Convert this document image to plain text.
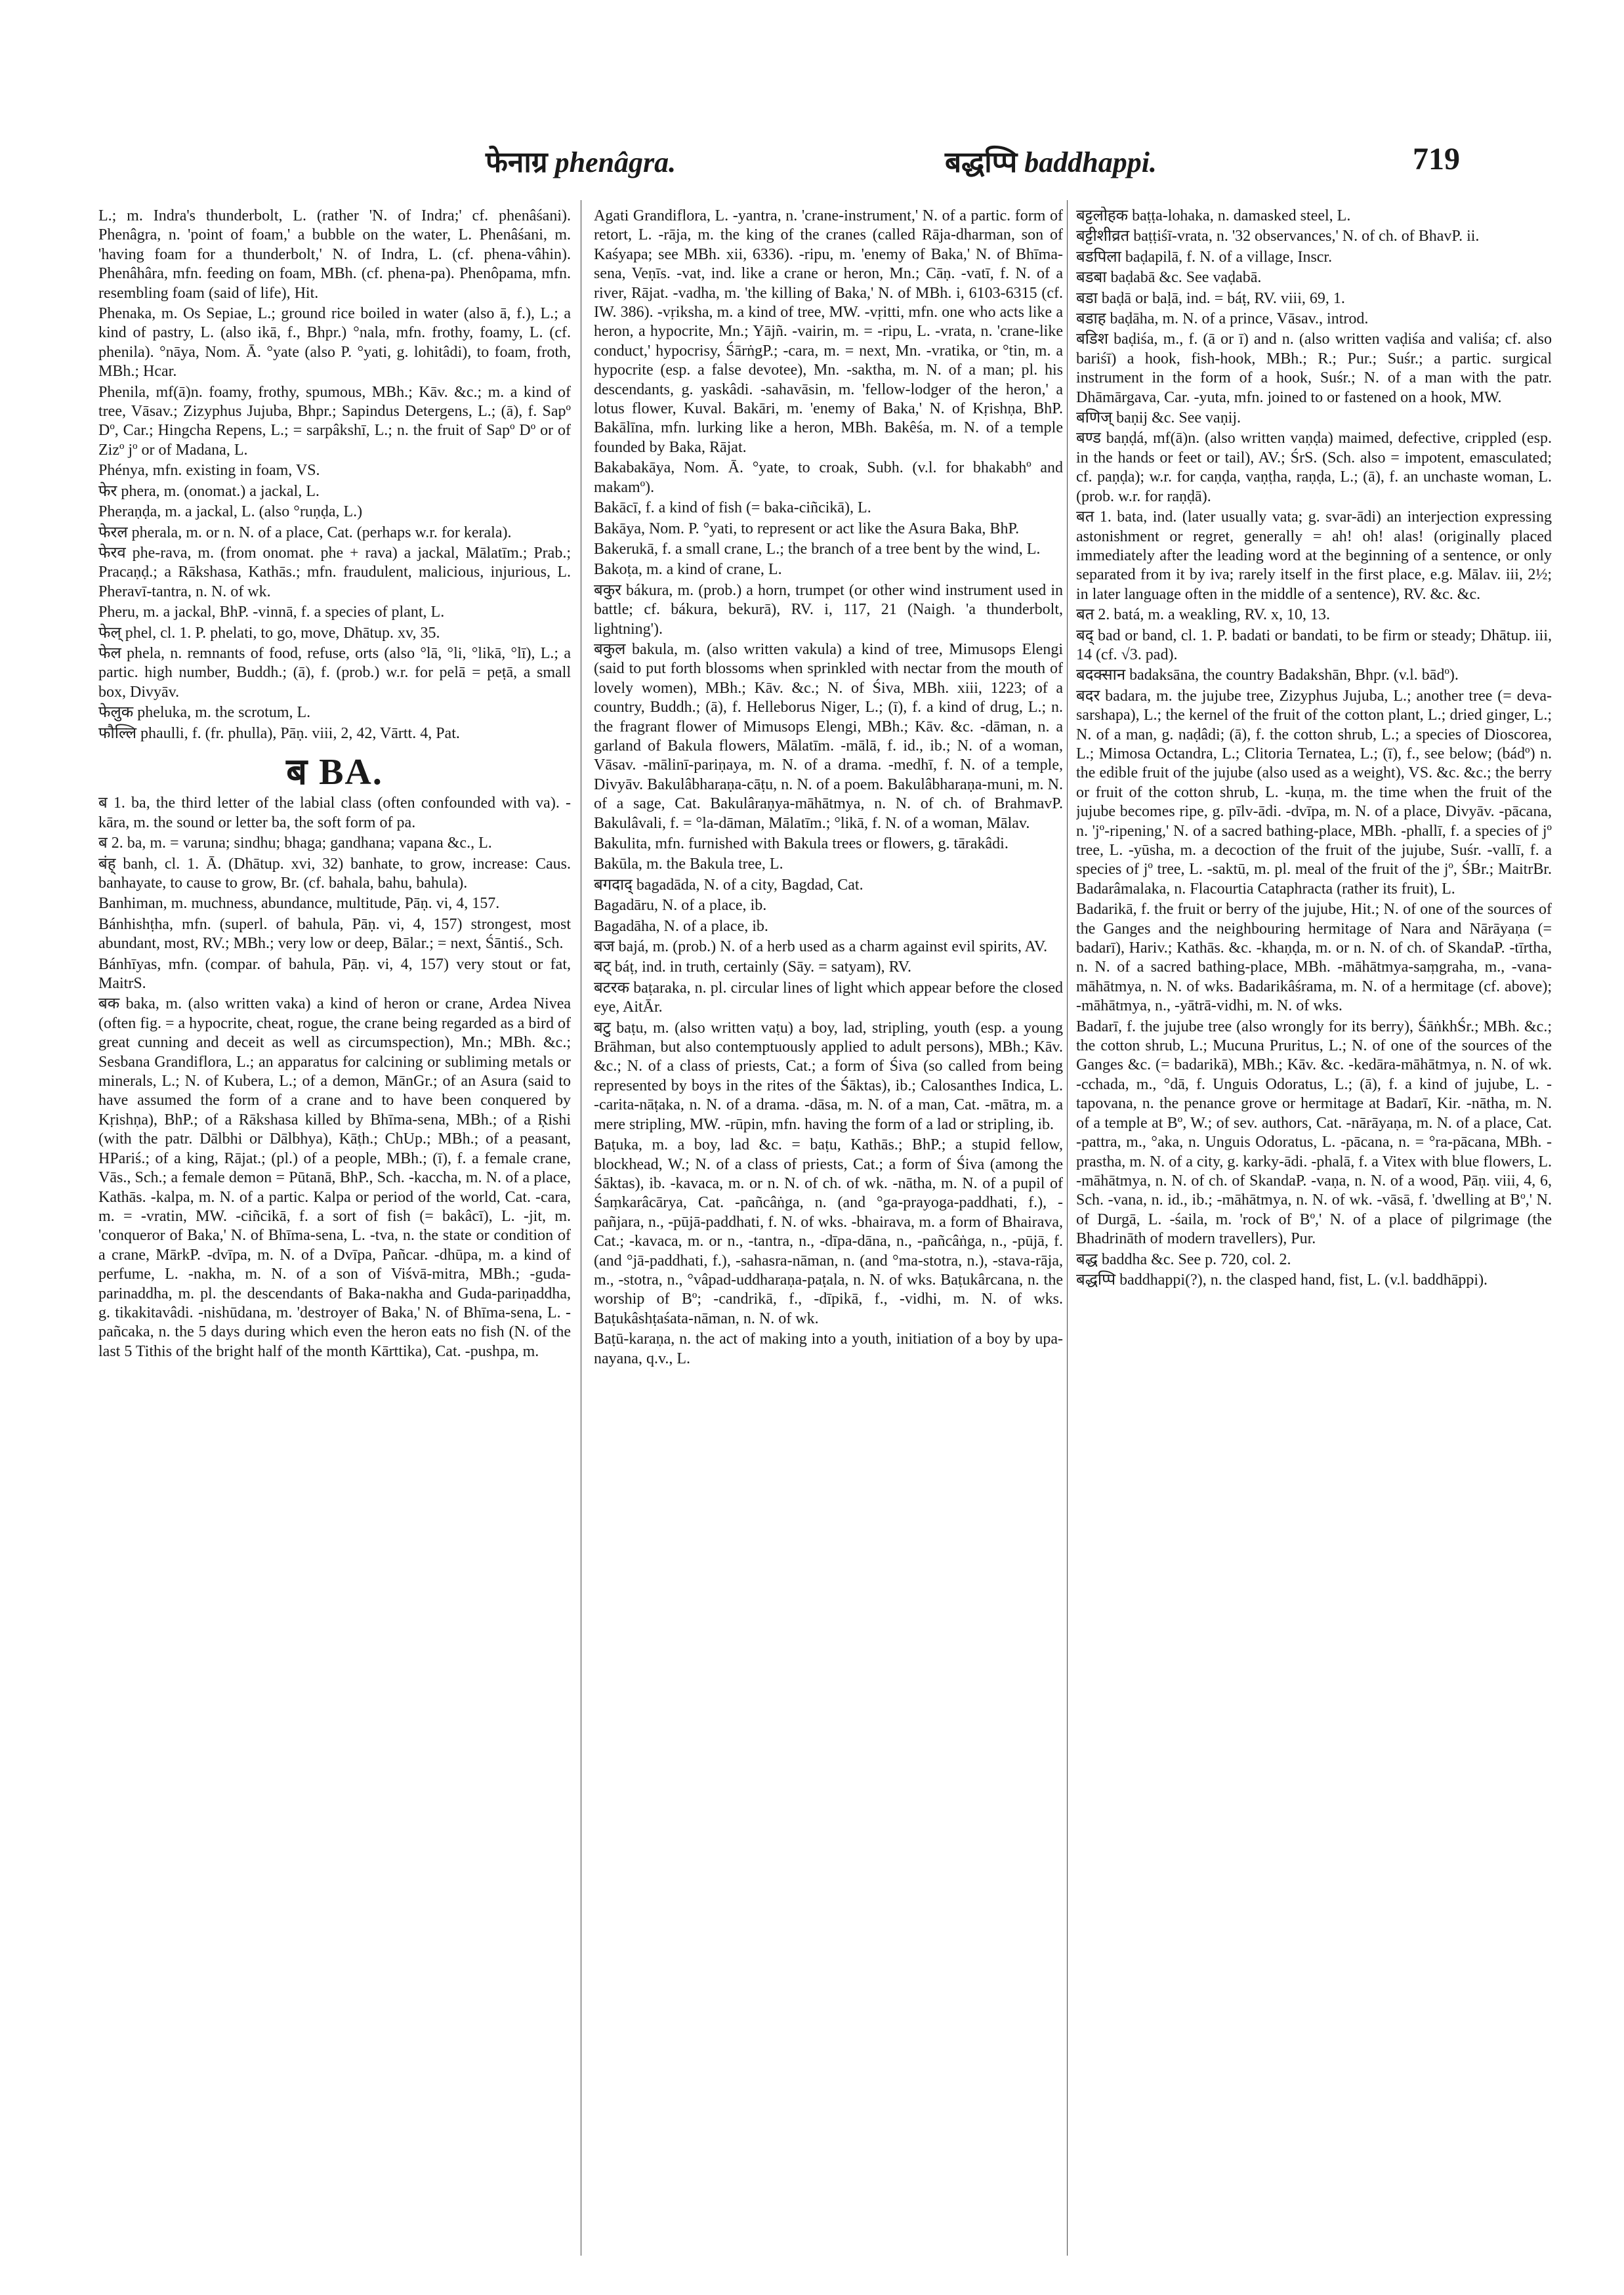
फेनाग्र phenâgra.	बद्धप्पि baddhappi.	719

L.; m. Indra's thunderbolt, L. (rather 'N. of Indra;' cf. phenâśani). Phenâgra, n. 'point of foam,' a bubble on the water, L. Phenâśani, m. 'having foam for a thunderbolt,' N. of Indra, L. (cf. phena-vâhin). Phenâhâra, mfn. feeding on foam, MBh. (cf. phena-pa). Phenôpama, mfn. resembling foam (said of life), Hit.

Phenaka, m. Os Sepiae, L.; ground rice boiled in water (also ā, f.), L.; a kind of pastry, L. (also ikā, f., Bhpr.) °nala, mfn. frothy, foamy, L. (cf. phenila). °nāya, Nom. Ā. °yate (also P. °yati, g. lohitâdi), to foam, froth, MBh.; Hcar.

Phenila, mf(ā)n. foamy, frothy, spumous, MBh.; Kāv. &c.; m. a kind of tree, Vāsav.; Zizyphus Jujuba, Bhpr.; Sapindus Detergens, L.; (ā), f. Sapº Dº, Car.; Hingcha Repens, L.; = sarpâkshī, L.; n. the fruit of Sapº Dº or of Zizº jº or of Madana, L.

Phénya, mfn. existing in foam, VS.

फेर phera, m. (onomat.) a jackal, L.

Pheraṇḍa, m. a jackal, L. (also °ruṇḍa, L.)

फेरल pherala, m. or n. N. of a place, Cat. (perhaps w.r. for kerala).

फेरव phe-rava, m. (from onomat. phe + rava) a jackal, Mālatīm.; Prab.; Pracaṇḍ.; a Rākshasa, Kathās.; mfn. fraudulent, malicious, injurious, L. Pheravī-tantra, n. N. of wk.

Pheru, m. a jackal, BhP. -vinnā, f. a species of plant, L.

फेल् phel, cl. 1. P. phelati, to go, move, Dhātup. xv, 35.

फेल phela, n. remnants of food, refuse, orts (also °lā, °li, °likā, °lī), L.; a partic. high number, Buddh.; (ā), f. (prob.) w.r. for pelā = peṭā, a small box, Divyāv.

फेलुक pheluka, m. the scrotum, L.

फौल्लि phaulli, f. (fr. phulla), Pāṇ. viii, 2, 42, Vārtt. 4, Pat.

ब BA.

ब 1. ba, the third letter of the labial class (often confounded with va). -kāra, m. the sound or letter ba, the soft form of pa.

ब 2. ba, m. = varuna; sindhu; bhaga; gandhana; vapana &c., L.

बंह् banh, cl. 1. Ā. (Dhātup. xvi, 32) banhate, to grow, increase: Caus. banhayate, to cause to grow, Br. (cf. bahala, bahu, bahula).

Banhiman, m. muchness, abundance, multitude, Pāṇ. vi, 4, 157.

Bánhishṭha, mfn. (superl. of bahula, Pāṇ. vi, 4, 157) strongest, most abundant, most, RV.; MBh.; very low or deep, Bālar.; = next, Śāntiś., Sch.

Bánhīyas, mfn. (compar. of bahula, Pāṇ. vi, 4, 157) very stout or fat, MaitrS.

बक baka, m. (also written vaka) a kind of heron or crane, Ardea Nivea (often fig. = a hypocrite, cheat, rogue, the crane being regarded as a bird of great cunning and deceit as well as circumspection), Mn.; MBh. &c.; Sesbana Grandiflora, L.; an apparatus for calcining or subliming metals or minerals, L.; N. of Kubera, L.; of a demon, MānGr.; of an Asura (said to have assumed the form of a crane and to have been conquered by Kṛishṇa), BhP.; of a Rākshasa killed by Bhīma-sena, MBh.; of a Ṛishi (with the patr. Dālbhi or Dālbhya), Kāṭh.; ChUp.; MBh.; of a peasant, HPariś.; of a king, Rājat.; (pl.) of a people, MBh.; (ī), f. a female crane, Vās., Sch.; a female demon = Pūtanā, BhP., Sch. -kaccha, m. N. of a place, Kathās. -kalpa, m. N. of a partic. Kalpa or period of the world, Cat. -cara, m. = -vratin, MW. -ciñcikā, f. a sort of fish (= bakâcī), L. -jit, m. 'conqueror of Baka,' N. of Bhīma-sena, L. -tva, n. the state or condition of a crane, MārkP. -dvīpa, m. N. of a Dvīpa, Pañcar. -dhūpa, m. a kind of perfume, L. -nakha, m. N. of a son of Viśvā-mitra, MBh.; -guda-parinaddha, m. pl. the descendants of Baka-nakha and Guda-pariṇaddha, g. tikakitavâdi. -nishūdana, m. 'destroyer of Baka,' N. of Bhīma-sena, L. -pañcaka, n. the 5 days during which even the heron eats no fish (N. of the last 5 Tithis of the bright half of the month Kārttika), Cat. -pushpa, m.

Agati Grandiflora, L. -yantra, n. 'crane-instrument,' N. of a partic. form of retort, L. -rāja, m. the king of the cranes (called Rāja-dharman, son of Kaśyapa; see MBh. xii, 6336). -ripu, m. 'enemy of Baka,' N. of Bhīma-sena, Veṇīs. -vat, ind. like a crane or heron, Mn.; Cāṇ. -vatī, f. N. of a river, Rājat. -vadha, m. 'the killing of Baka,' N. of MBh. i, 6103-6315 (cf. IW. 386). -vṛiksha, m. a kind of tree, MW. -vṛitti, mfn. one who acts like a heron, a hypocrite, Mn.; Yājñ. -vairin, m. = -ripu, L. -vrata, n. 'crane-like conduct,' hypocrisy, ŚārṅgP.; -cara, m. = next, Mn. -vratika, or °tin, m. a hypocrite (esp. a false devotee), Mn. -saktha, m. N. of a man; pl. his descendants, g. yaskâdi. -sahavāsin, m. 'fellow-lodger of the heron,' a lotus flower, Kuval. Bakāri, m. 'enemy of Baka,' N. of Kṛishṇa, BhP. Bakālīna, mfn. lurking like a heron, MBh. Bakêśa, m. N. of a temple founded by Baka, Rājat.

Bakabakāya, Nom. Ā. °yate, to croak, Subh. (v.l. for bhakabhº and makamº).

Bakācī, f. a kind of fish (= baka-ciñcikā), L.

Bakāya, Nom. P. °yati, to represent or act like the Asura Baka, BhP.

Bakerukā, f. a small crane, L.; the branch of a tree bent by the wind, L.

Bakoṭa, m. a kind of crane, L.

बकुर bákura, m. (prob.) a horn, trumpet (or other wind instrument used in battle; cf. bákura, bekurā), RV. i, 117, 21 (Naigh. 'a thunderbolt, lightning').

बकुल bakula, m. (also written vakula) a kind of tree, Mimusops Elengi (said to put forth blossoms when sprinkled with nectar from the mouth of lovely women), MBh.; Kāv. &c.; N. of Śiva, MBh. xiii, 1223; of a country, Buddh.; (ā), f. Helleborus Niger, L.; (ī), f. a kind of drug, L.; n. the fragrant flower of Mimusops Elengi, MBh.; Kāv. &c. -dāman, n. a garland of Bakula flowers, Mālatīm. -mālā, f. id., ib.; N. of a woman, Vāsav. -mālinī-pariṇaya, m. N. of a drama. -medhī, f. N. of a temple, Divyāv. Bakulâbharaṇa-cāṭu, n. N. of a poem. Bakulâbharaṇa-muni, m. N. of a sage, Cat. Bakulâraṇya-māhātmya, n. N. of ch. of BrahmavP. Bakulâvali, f. = °la-dāman, Mālatīm.; °likā, f. N. of a woman, Mālav.

Bakulita, mfn. furnished with Bakula trees or flowers, g. tārakâdi.

Bakūla, m. the Bakula tree, L.

बगदाद् bagadāda, N. of a city, Bagdad, Cat.

Bagadāru, N. of a place, ib.

Bagadāha, N. of a place, ib.

बज bajá, m. (prob.) N. of a herb used as a charm against evil spirits, AV.

बट् báṭ, ind. in truth, certainly (Sāy. = satyam), RV.

बटरक baṭaraka, n. pl. circular lines of light which appear before the closed eye, AitĀr.

बटु baṭu, m. (also written vaṭu) a boy, lad, stripling, youth (esp. a young Brāhman, but also contemptuously applied to adult persons), MBh.; Kāv. &c.; N. of a class of priests, Cat.; a form of Śiva (so called from being represented by boys in the rites of the Śāktas), ib.; Calosanthes Indica, L. -carita-nāṭaka, n. N. of a drama. -dāsa, m. N. of a man, Cat. -mātra, m. a mere stripling, MW. -rūpin, mfn. having the form of a lad or stripling, ib.

Baṭuka, m. a boy, lad &c. = baṭu, Kathās.; BhP.; a stupid fellow, blockhead, W.; N. of a class of priests, Cat.; a form of Śiva (among the Śāktas), ib. -kavaca, m. or n. N. of ch. of wk. -nātha, m. N. of a pupil of Śaṃkarâcārya, Cat. -pañcâṅga, n. (and °ga-prayoga-paddhati, f.), -pañjara, n., -pūjā-paddhati, f. N. of wks. -bhairava, m. a form of Bhairava, Cat.; -kavaca, m. or n., -tantra, n., -dīpa-dāna, n., -pañcâṅga, n., -pūjā, f. (and °jā-paddhati, f.), -sahasra-nāman, n. (and °ma-stotra, n.), -stava-rāja, m., -stotra, n., °vâpad-uddharaṇa-paṭala, n. N. of wks. Baṭukârcana, n. the worship of Bº; -candrikā, f., -dīpikā, f., -vidhi, m. N. of wks. Baṭukâshṭaśata-nāman, n. N. of wk.

Baṭū-karaṇa, n. the act of making into a youth, initiation of a boy by upa-nayana, q.v., L.

बट्टलोहक baṭṭa-lohaka, n. damasked steel, L.

बट्टीशीव्रत baṭṭiśī-vrata, n. '32 observances,' N. of ch. of BhavP. ii.

बडपिला baḍapilā, f. N. of a village, Inscr.

बडबा baḍabā &c. See vaḍabā.

बडा baḍā or baḷā, ind. = báṭ, RV. viii, 69, 1.

बडाह baḍāha, m. N. of a prince, Vāsav., introd.

बडिश baḍiśa, m., f. (ā or ī) and n. (also written vaḍiśa and valiśa; cf. also bariśī) a hook, fish-hook, MBh.; R.; Pur.; Suśr.; a partic. surgical instrument in the form of a hook, Suśr.; N. of a man with the patr. Dhāmārgava, Car. -yuta, mfn. joined to or fastened on a hook, MW.

बणिज् baṇij &c. See vaṇij.

बण्ड baṇḍá, mf(ā)n. (also written vaṇḍa) maimed, defective, crippled (esp. in the hands or feet or tail), AV.; ŚrS. (Sch. also = impotent, emasculated; cf. paṇḍa); w.r. for caṇḍa, vaṇṭha, raṇḍa, L.; (ā), f. an unchaste woman, L. (prob. w.r. for raṇḍā).

बत 1. bata, ind. (later usually vata; g. svar-ādi) an interjection expressing astonishment or regret, generally = ah! oh! alas! (originally placed immediately after the leading word at the beginning of a sentence, or only separated from it by iva; rarely itself in the first place, e.g. Mālav. iii, 2½; in later language often in the middle of a sentence), RV. &c. &c.

बत 2. batá, m. a weakling, RV. x, 10, 13.

बद् bad or band, cl. 1. P. badati or bandati, to be firm or steady; Dhātup. iii, 14 (cf. √3. pad).

बदक्सान badaksāna, the country Badakshān, Bhpr. (v.l. bādº).

बदर badara, m. the jujube tree, Zizyphus Jujuba, L.; another tree (= deva-sarshapa), L.; the kernel of the fruit of the cotton plant, L.; dried ginger, L.; N. of a man, g. naḍâdi; (ā), f. the cotton shrub, L.; a species of Dioscorea, L.; Mimosa Octandra, L.; Clitoria Ternatea, L.; (ī), f., see below; (bádº) n. the edible fruit of the jujube (also used as a weight), VS. &c. &c.; the berry or fruit of the cotton shrub, L. -kuṇa, m. the time when the fruit of the jujube becomes ripe, g. pīlv-ādi. -dvīpa, m. N. of a place, Divyāv. -pācana, n. 'jº-ripening,' N. of a sacred bathing-place, MBh. -phallī, f. a species of jº tree, L. -yūsha, m. a decoction of the fruit of the jujube, Suśr. -vallī, f. a species of jº tree, L. -saktū, m. pl. meal of the fruit of the jº, ŚBr.; MaitrBr. Badarâmalaka, n. Flacourtia Cataphracta (rather its fruit), L.

Badarikā, f. the fruit or berry of the jujube, Hit.; N. of one of the sources of the Ganges and the neighbouring hermitage of Nara and Nārāyaṇa (= badarī), Hariv.; Kathās. &c. -khaṇḍa, m. or n. N. of ch. of SkandaP. -tīrtha, n. N. of a sacred bathing-place, MBh. -māhātmya-saṃgraha, m., -vana-māhātmya, n. N. of wks. Badarikâśrama, m. N. of a hermitage (cf. above); -māhātmya, n., -yātrā-vidhi, m. N. of wks.

Badarī, f. the jujube tree (also wrongly for its berry), ŚāṅkhŚr.; MBh. &c.; the cotton shrub, L.; Mucuna Pruritus, L.; N. of one of the sources of the Ganges &c. (= badarikā), MBh.; Kāv. &c. -kedāra-māhātmya, n. N. of wk. -cchada, m., °dā, f. Unguis Odoratus, L.; (ā), f. a kind of jujube, L. -tapovana, n. the penance grove or hermitage at Badarī, Kir. -nātha, m. N. of a temple at Bº, W.; of sev. authors, Cat. -nārāyaṇa, m. N. of a place, Cat. -pattra, m., °aka, n. Unguis Odoratus, L. -pācana, n. = °ra-pācana, MBh. -prastha, m. N. of a city, g. karky-ādi. -phalā, f. a Vitex with blue flowers, L. -māhātmya, n. N. of ch. of SkandaP. -vaṇa, n. N. of a wood, Pāṇ. viii, 4, 6, Sch. -vana, n. id., ib.; -māhātmya, n. N. of wk. -vāsā, f. 'dwelling at Bº,' N. of Durgā, L. -śaila, m. 'rock of Bº,' N. of a place of pilgrimage (the Bhadrināth of modern travellers), Pur.

बद्ध baddha &c. See p. 720, col. 2.

बद्धप्पि baddhappi(?), n. the clasped hand, fist, L. (v.l. baddhāppi).
